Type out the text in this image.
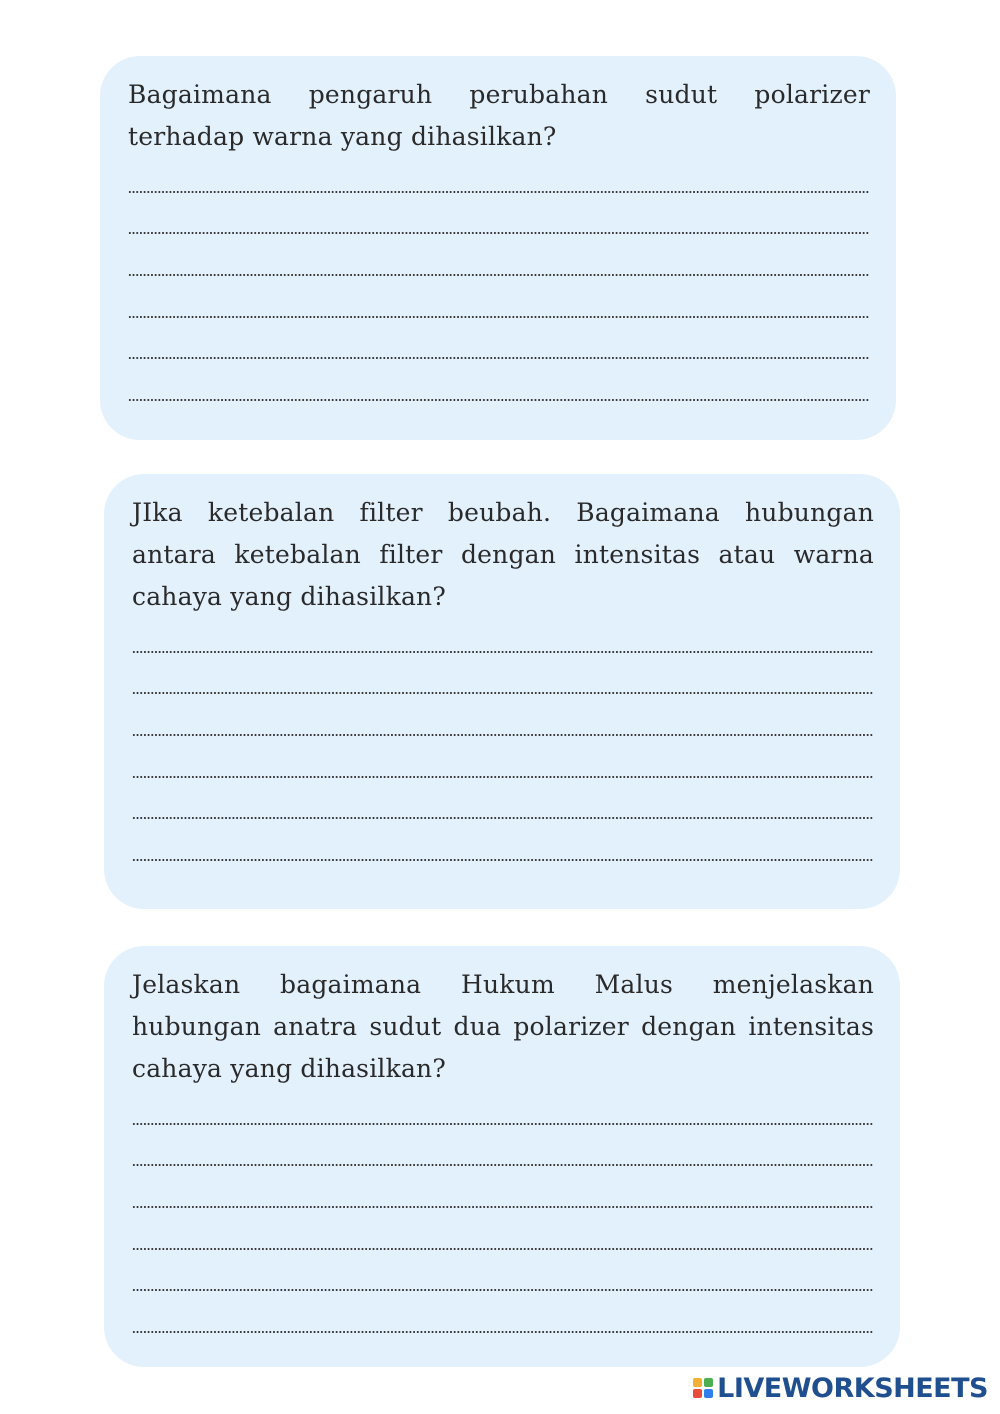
Bagaimana pengaruh perubahan sudut polarizer terhadap warna yang dihasilkan?

JIka ketebalan filter beubah. Bagaimana hubungan antara ketebalan filter dengan intensitas atau warna cahaya yang dihasilkan?

Jelaskan bagaimana Hukum Malus menjelaskan hubungan anatra sudut dua polarizer dengan intensitas cahaya yang dihasilkan?

LIVEWORKSHEETS
